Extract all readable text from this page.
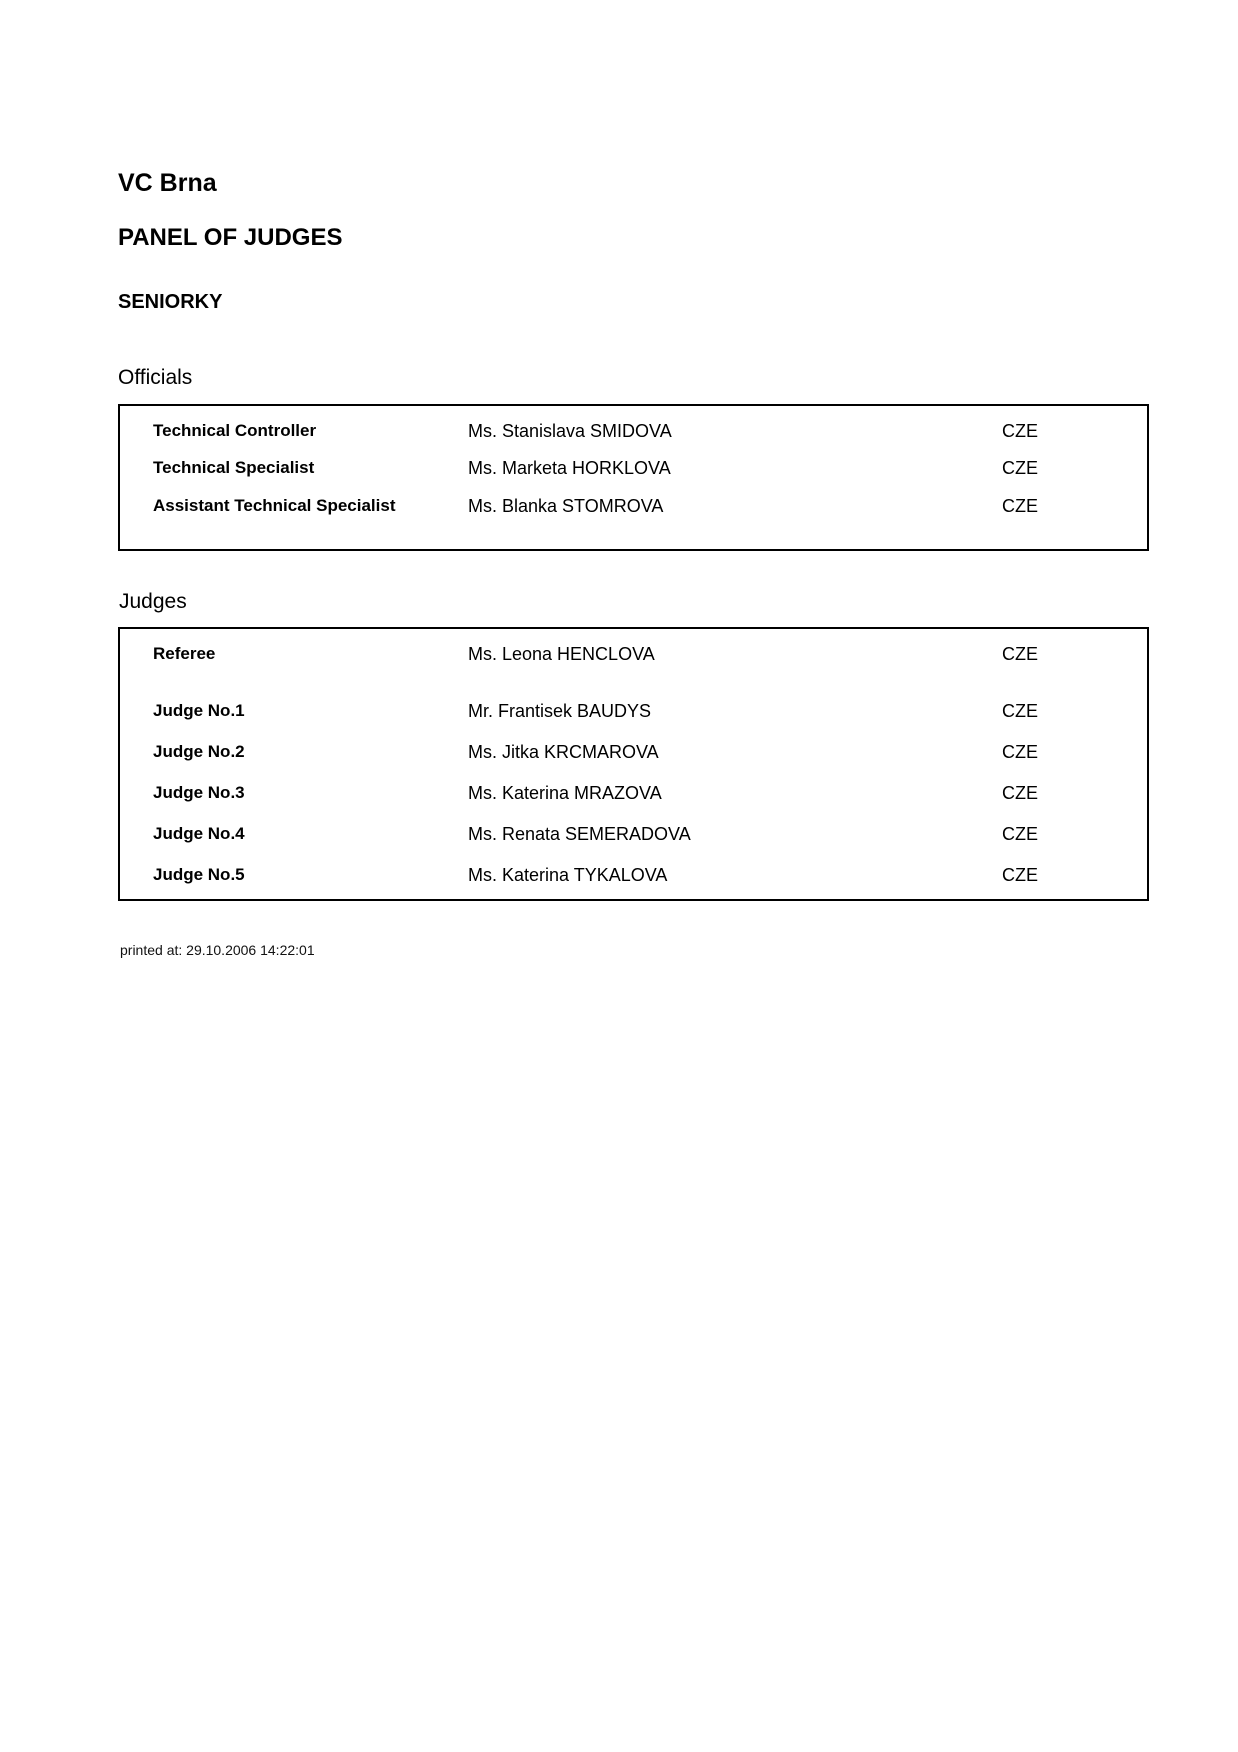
VC Brna
PANEL OF JUDGES
SENIORKY
Officials
Technical Controller	Ms. Stanislava SMIDOVA	CZE
Technical Specialist	Ms. Marketa HORKLOVA	CZE
Assistant Technical Specialist	Ms. Blanka STOMROVA	CZE
Judges
Referee	Ms. Leona HENCLOVA	CZE
Judge No.1	Mr. Frantisek BAUDYS	CZE
Judge No.2	Ms. Jitka KRCMAROVA	CZE
Judge No.3	Ms. Katerina MRAZOVA	CZE
Judge No.4	Ms. Renata SEMERADOVA	CZE
Judge No.5	Ms. Katerina TYKALOVA	CZE
printed at: 29.10.2006 14:22:01
